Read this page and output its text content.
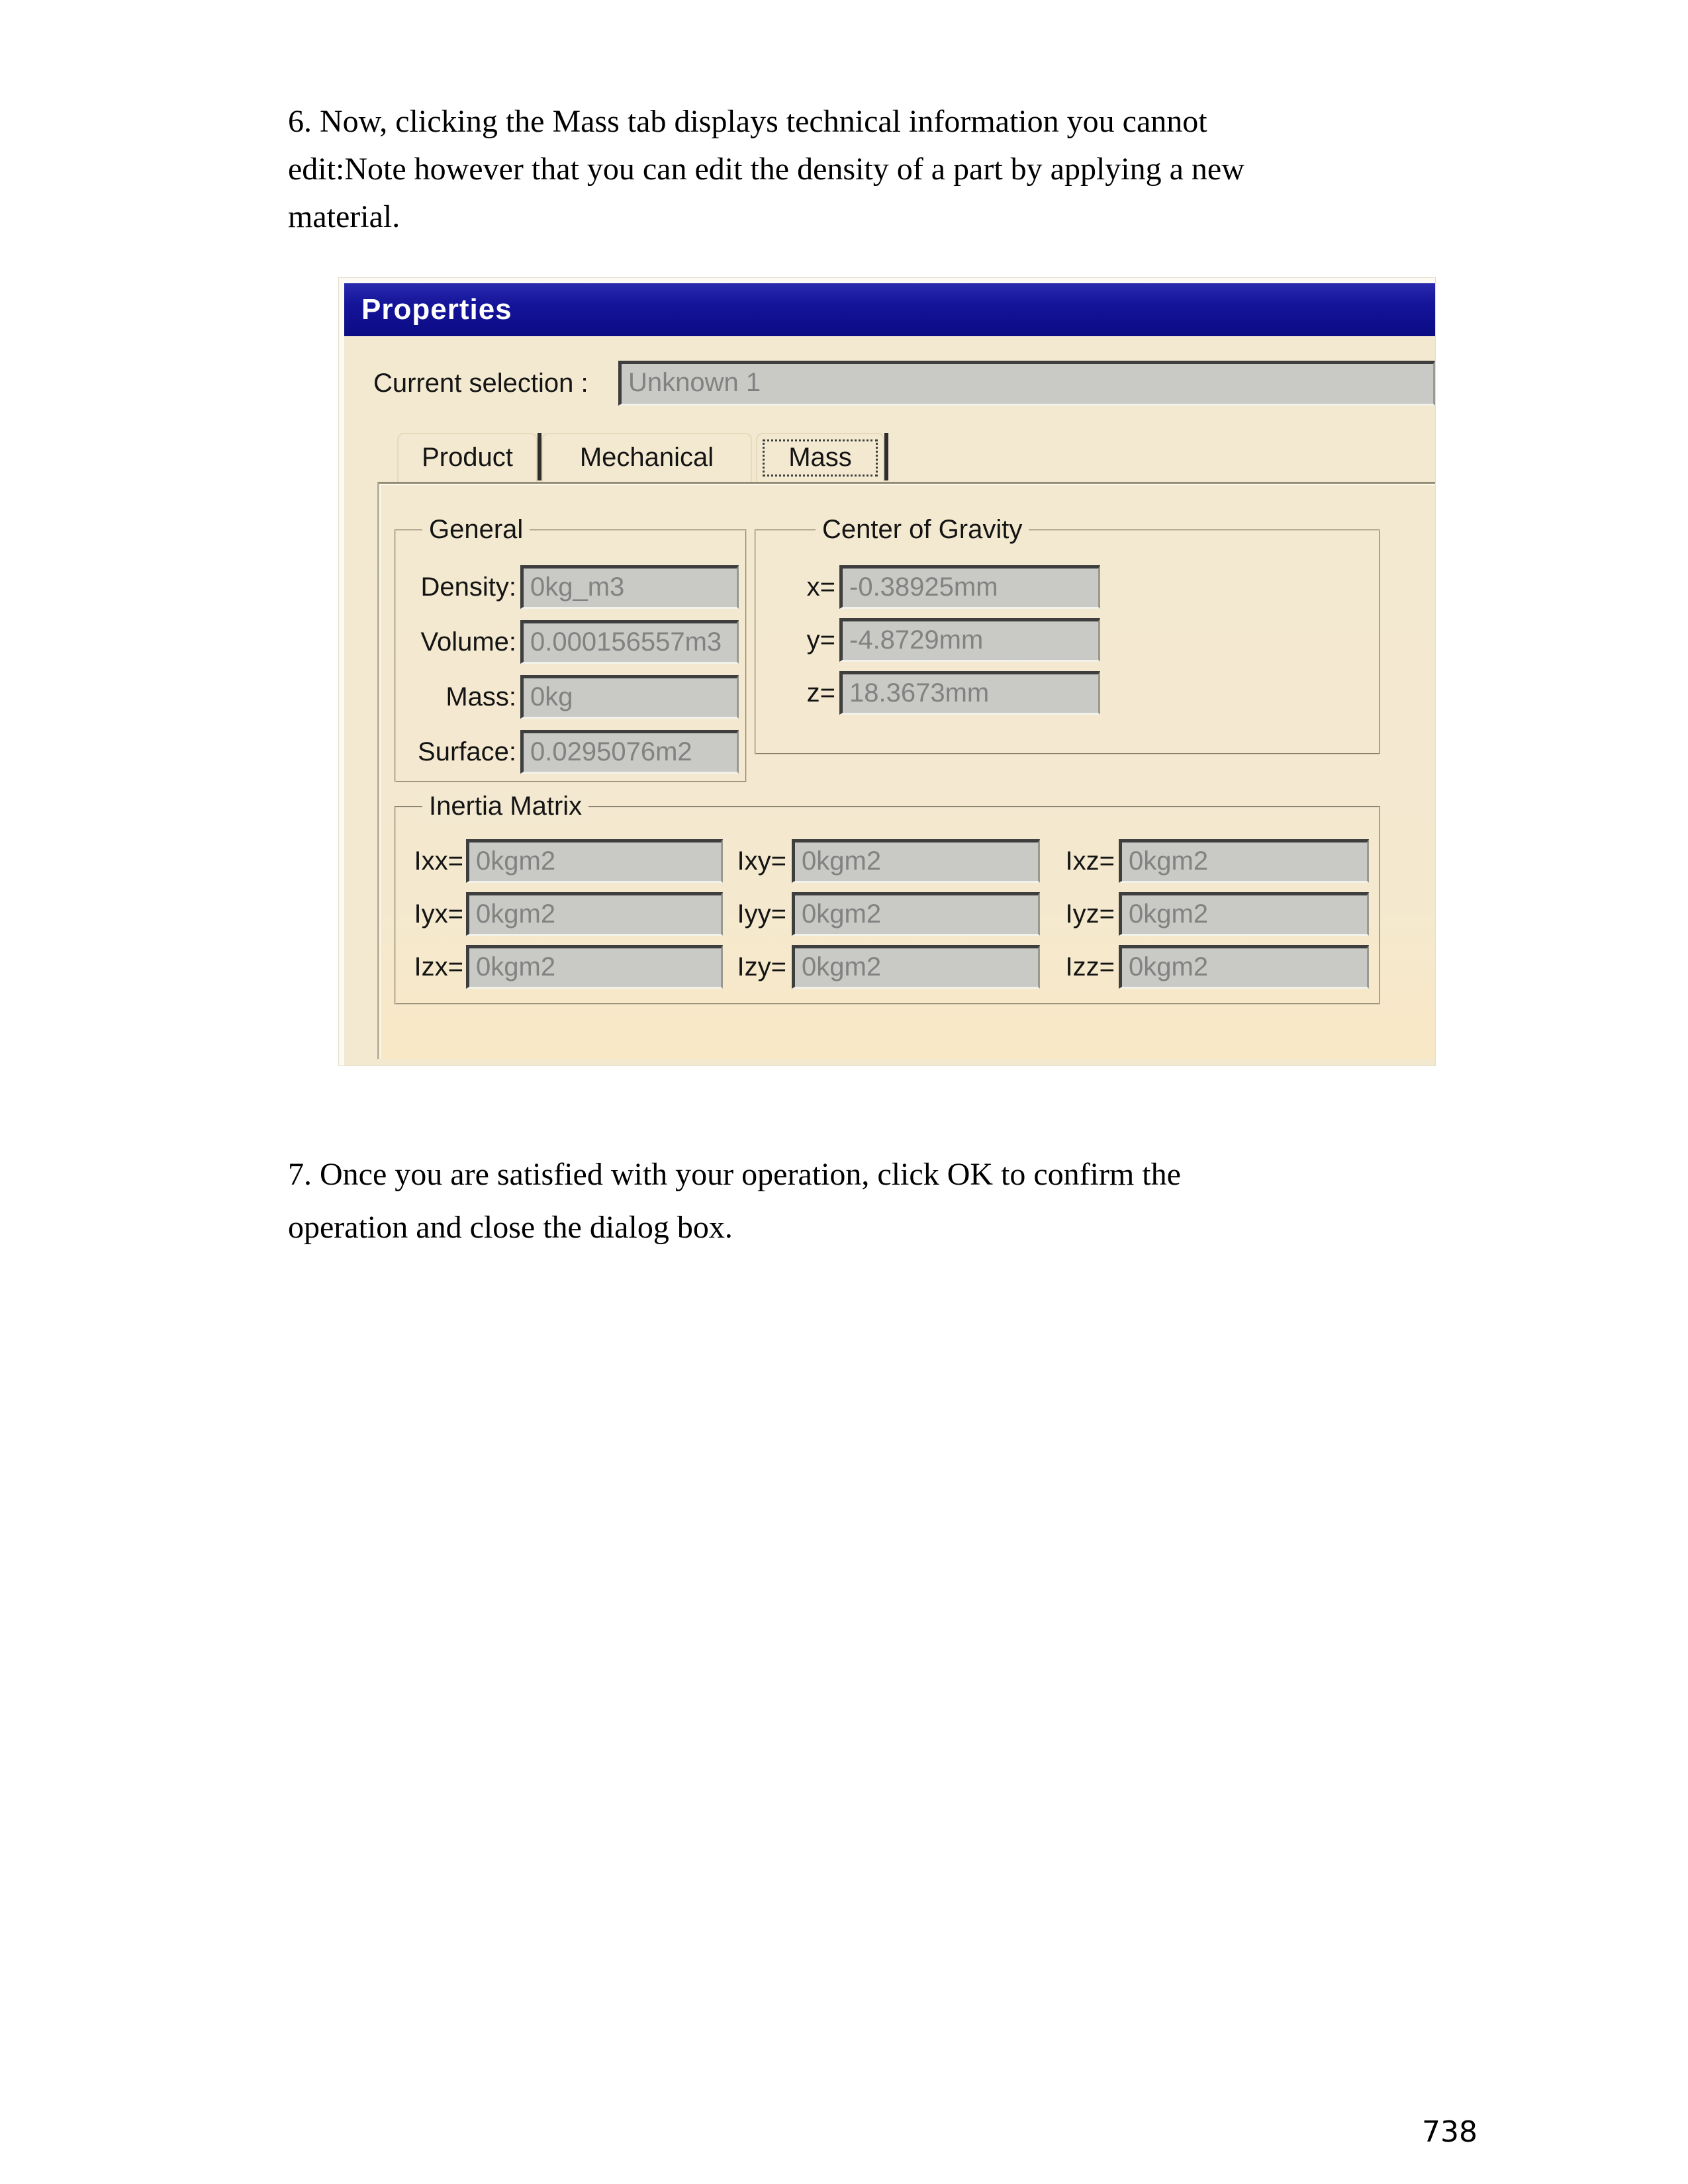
6. Now, clicking the Mass tab displays technical information you cannot
edit:Note however that you can edit the density of a part by applying a new
material.
Properties
Current selection :	Unknown 1
Product	Mechanical	Mass
General
Density: 0kg_m3
Volume: 0.000156557m3
Mass: 0kg
Surface: 0.0295076m2
Center of Gravity
x= -0.38925mm
y= -4.8729mm
z= 18.3673mm
Inertia Matrix
Ixx= 0kgm2	Ixy= 0kgm2	Ixz= 0kgm2
Iyx= 0kgm2	Iyy= 0kgm2	Iyz= 0kgm2
Izx= 0kgm2	Izy= 0kgm2	Izz= 0kgm2
7. Once you are satisfied with your operation, click OK to confirm the
operation and close the dialog box.
738
